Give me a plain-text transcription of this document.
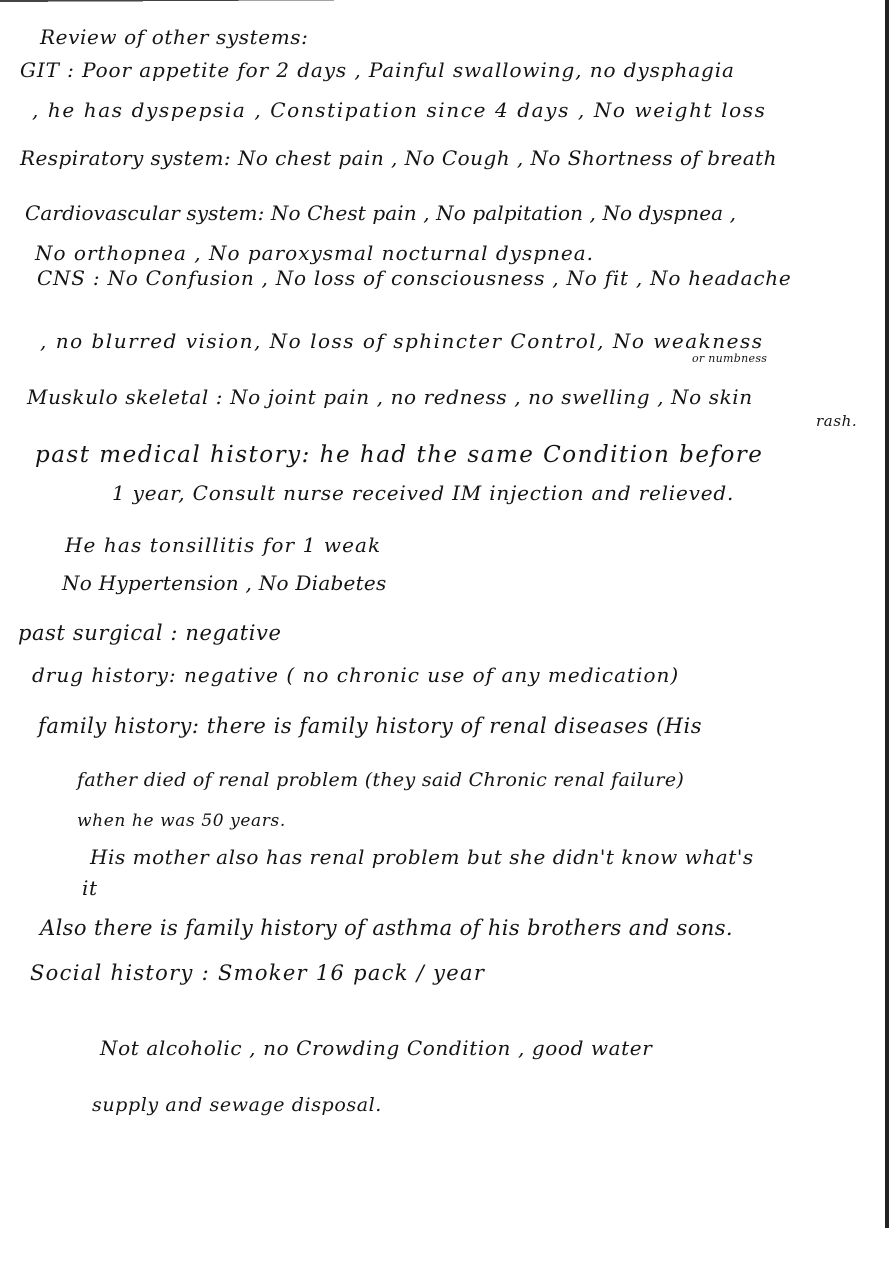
Review of other systems:
GIT : Poor appetite for 2 days , Painful swallowing, no dysphagia
, he has dyspepsia , Constipation since 4 days , No weight loss
Respiratory system: No chest pain , No Cough , No Shortness of breath
Cardiovascular system: No Chest pain , No palpitation , No dyspnea ,
No orthopnea , No paroxysmal nocturnal dyspnea.
CNS : No Confusion , No loss of consciousness , No fit , No headache
, no blurred vision, No loss of sphincter Control, No weakness
or numbness
Muskulo skeletal : No joint pain , no redness , no swelling , No skin
rash.
past medical history: he had the same Condition before
1 year, Consult nurse received IM injection and relieved.
He has tonsillitis for 1 weak
No Hypertension , No Diabetes
past surgical : negative
drug history: negative ( no chronic use of any medication)
family history: there is family history of renal diseases (His
father died of renal problem (they said Chronic renal failure)
when he was 50 years.
His mother also has renal problem but she didn't know what's
it
Also there is family history of asthma of his brothers and sons.
Social history : Smoker 16 pack / year
Not alcoholic , no Crowding Condition , good water
supply and sewage disposal.
